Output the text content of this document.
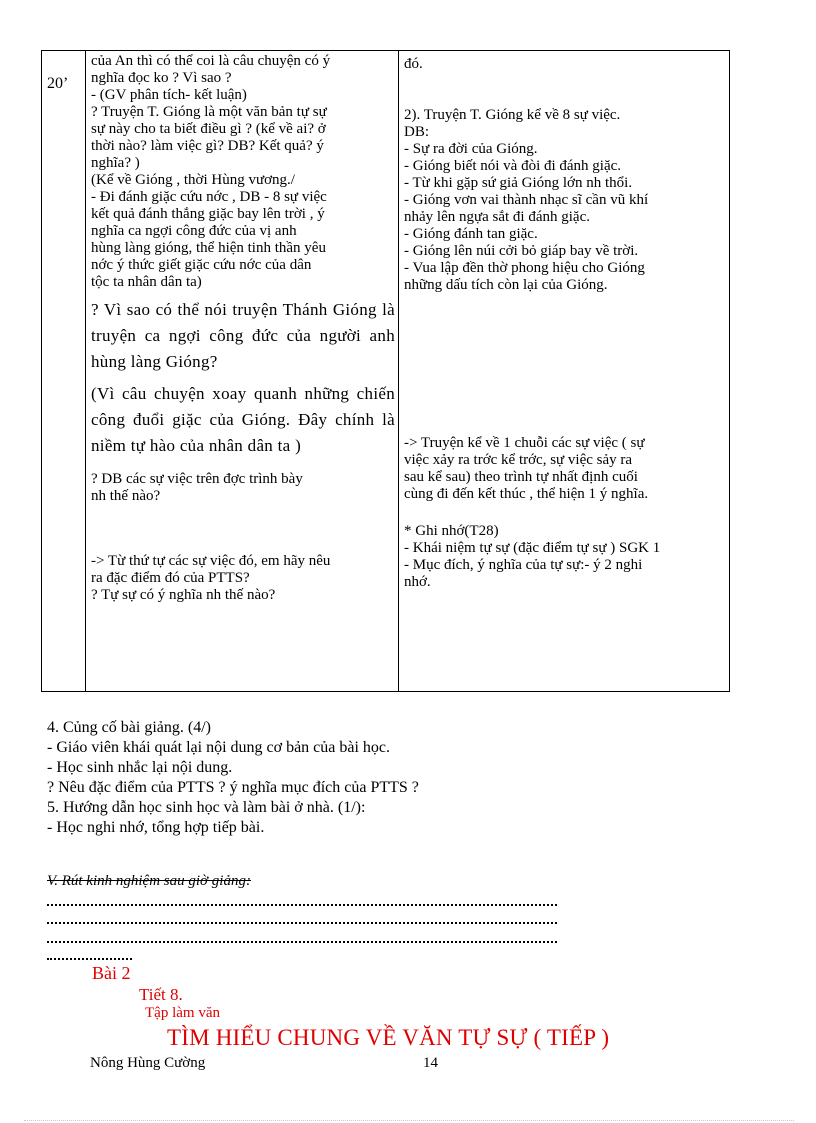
20’
của An thì có thể coi là câu chuyện có ý
nghĩa đọc ko ? Vì sao ?
- (GV phân tích- kết luận)
? Truyện T. Gióng là một văn bản tự sự
sự này cho ta biết điều gì ? (kể về ai? ở
thời nào? làm việc gì? DB? Kết quả? ý
nghĩa? )
(Kể về Gióng , thời Hùng vương./
- Đi đánh giặc cứu nớc , DB - 8 sự việc
kết quả đánh thắng giặc bay lên trời , ý
nghĩa ca ngợi công đức của vị anh
hùng làng gióng, thể hiện tinh thần yêu
nớc ý thức giết giặc cứu nớc của dân
tộc ta nhân dân ta)
? Vì sao có thể nói truyện Thánh Gióng là truyện ca ngợi công đức của người anh hùng làng Gióng?
(Vì câu chuyện xoay quanh những chiến công đuổi giặc của Gióng. Đây chính là niềm tự hào của nhân dân ta )
? DB các sự việc trên đợc trình bày
nh thế nào?
-> Từ thứ tự các sự việc đó, em hãy nêu
ra đặc điểm đó của PTTS?
? Tự sự có ý nghĩa nh thế nào?
đó.
2). Truyện T. Gióng kể về 8 sự việc.
DB:
- Sự ra đời của Gióng.
- Gióng biết nói và đòi đi đánh giặc.
- Từ khi gặp sứ giả Gióng lớn nh thổi.
- Gióng vơn vai thành nhạc sĩ cần vũ khí
nhảy lên ngựa sắt đi đánh giặc.
- Gióng đánh tan giặc.
- Gióng lên núi cởi bỏ giáp bay về trời.
- Vua lập đền thờ phong hiệu cho Gióng
những dấu tích còn lại của Gióng.
-> Truyện kể về 1 chuỗi các sự việc ( sự
việc xảy ra trớc kể trớc, sự việc sảy ra
sau kể sau) theo trình tự nhất định cuối
cùng đi đến kết thúc , thể hiện 1 ý nghĩa.
* Ghi nhớ(T28)
- Khái niệm tự sự (đặc điểm tự sự ) SGK 1
- Mục đích, ý nghĩa của tự sự:- ý 2 nghi
nhớ.
4. Củng cố bài giảng. (4/)
- Giáo viên khái quát lại nội dung cơ bản của bài học.
- Học sinh nhắc lại nội dung.
? Nêu đặc điểm của PTTS ? ý nghĩa mục đích của PTTS ?
5. Hướng dẫn học sinh học và làm bài ở nhà. (1/):
- Học nghi nhớ, tổng hợp tiếp bài.
V. Rút kinh nghiệm sau giờ giảng:
Bài 2
Tiết 8.
Tập làm văn
TÌM HIỂU CHUNG VỀ VĂN TỰ SỰ ( TIẾP )
Nông Hùng Cường	14
